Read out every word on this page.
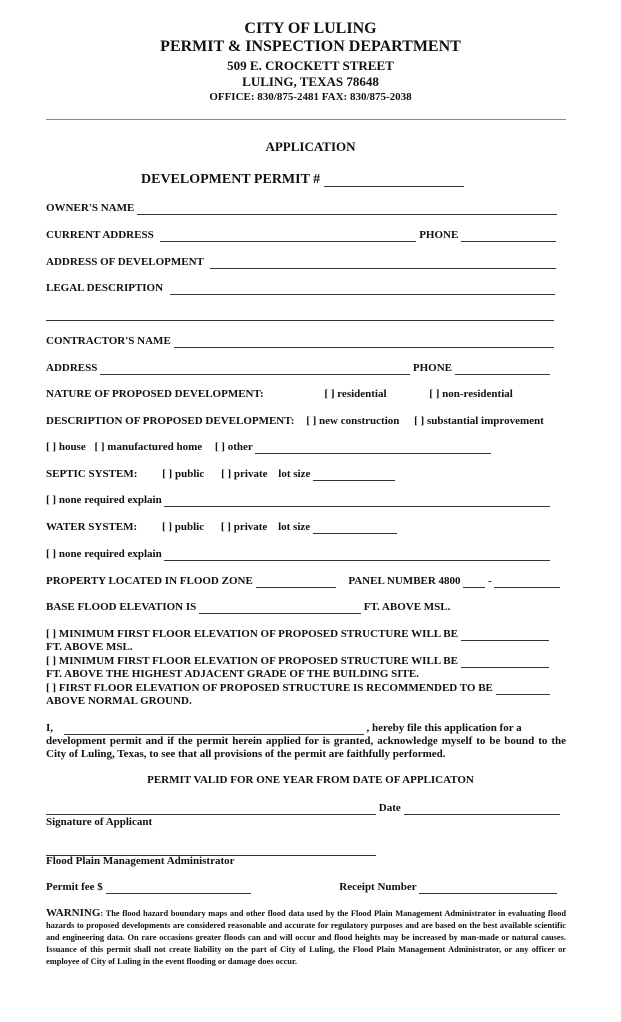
CITY OF LULING
PERMIT & INSPECTION DEPARTMENT
509 E. CROCKETT STREET
LULING, TEXAS 78648
OFFICE: 830/875-2481 FAX: 830/875-2038
APPLICATION
DEVELOPMENT PERMIT #
OWNER'S NAME
CURRENT ADDRESS	PHONE
ADDRESS OF DEVELOPMENT
LEGAL DESCRIPTION
CONTRACTOR'S NAME
ADDRESS	PHONE
NATURE OF PROPOSED DEVELOPMENT:	[ ] residential	[ ] non-residential
DESCRIPTION OF PROPOSED DEVELOPMENT: [ ] new construction [ ] substantial improvement
[ ] house [ ] manufactured home [ ] other
SEPTIC SYSTEM: [ ] public [ ] private lot size
[ ] none required explain
WATER SYSTEM: [ ] public [ ] private lot size
[ ] none required explain
PROPERTY LOCATED IN FLOOD ZONE	PANEL NUMBER 4800	-
BASE FLOOD ELEVATION IS	FT. ABOVE MSL.
[ ] MINIMUM FIRST FLOOR ELEVATION OF PROPOSED STRUCTURE WILL BE
FT. ABOVE MSL.
[ ] MINIMUM FIRST FLOOR ELEVATION OF PROPOSED STRUCTURE WILL BE
FT. ABOVE THE HIGHEST ADJACENT GRADE OF THE BUILDING SITE.
[ ] FIRST FLOOR ELEVATION OF PROPOSED STRUCTURE IS RECOMMENDED TO BE
ABOVE NORMAL GROUND.
I,	, hereby file this application for a
development permit and if the permit herein applied for is granted, acknowledge myself to be bound to the City of Luling, Texas, to see that all provisions of the permit are faithfully performed.
PERMIT VALID FOR ONE YEAR FROM DATE OF APPLICATON
Date
Signature of Applicant
Flood Plain Management Administrator
Permit fee $	Receipt Number
WARNING: The flood hazard boundary maps and other flood data used by the Flood Plain Management Administrator in evaluating flood hazards to proposed developments are considered reasonable and accurate for regulatory purposes and are based on the best available scientific and engineering data. On rare occasions greater floods can and will occur and flood heights may be increased by man-made or natural causes. Issuance of this permit shall not create liability on the part of City of Luling, the Flood Plain Management Administrator, or any officer or employee of City of Luling in the event flooding or damage does occur.
